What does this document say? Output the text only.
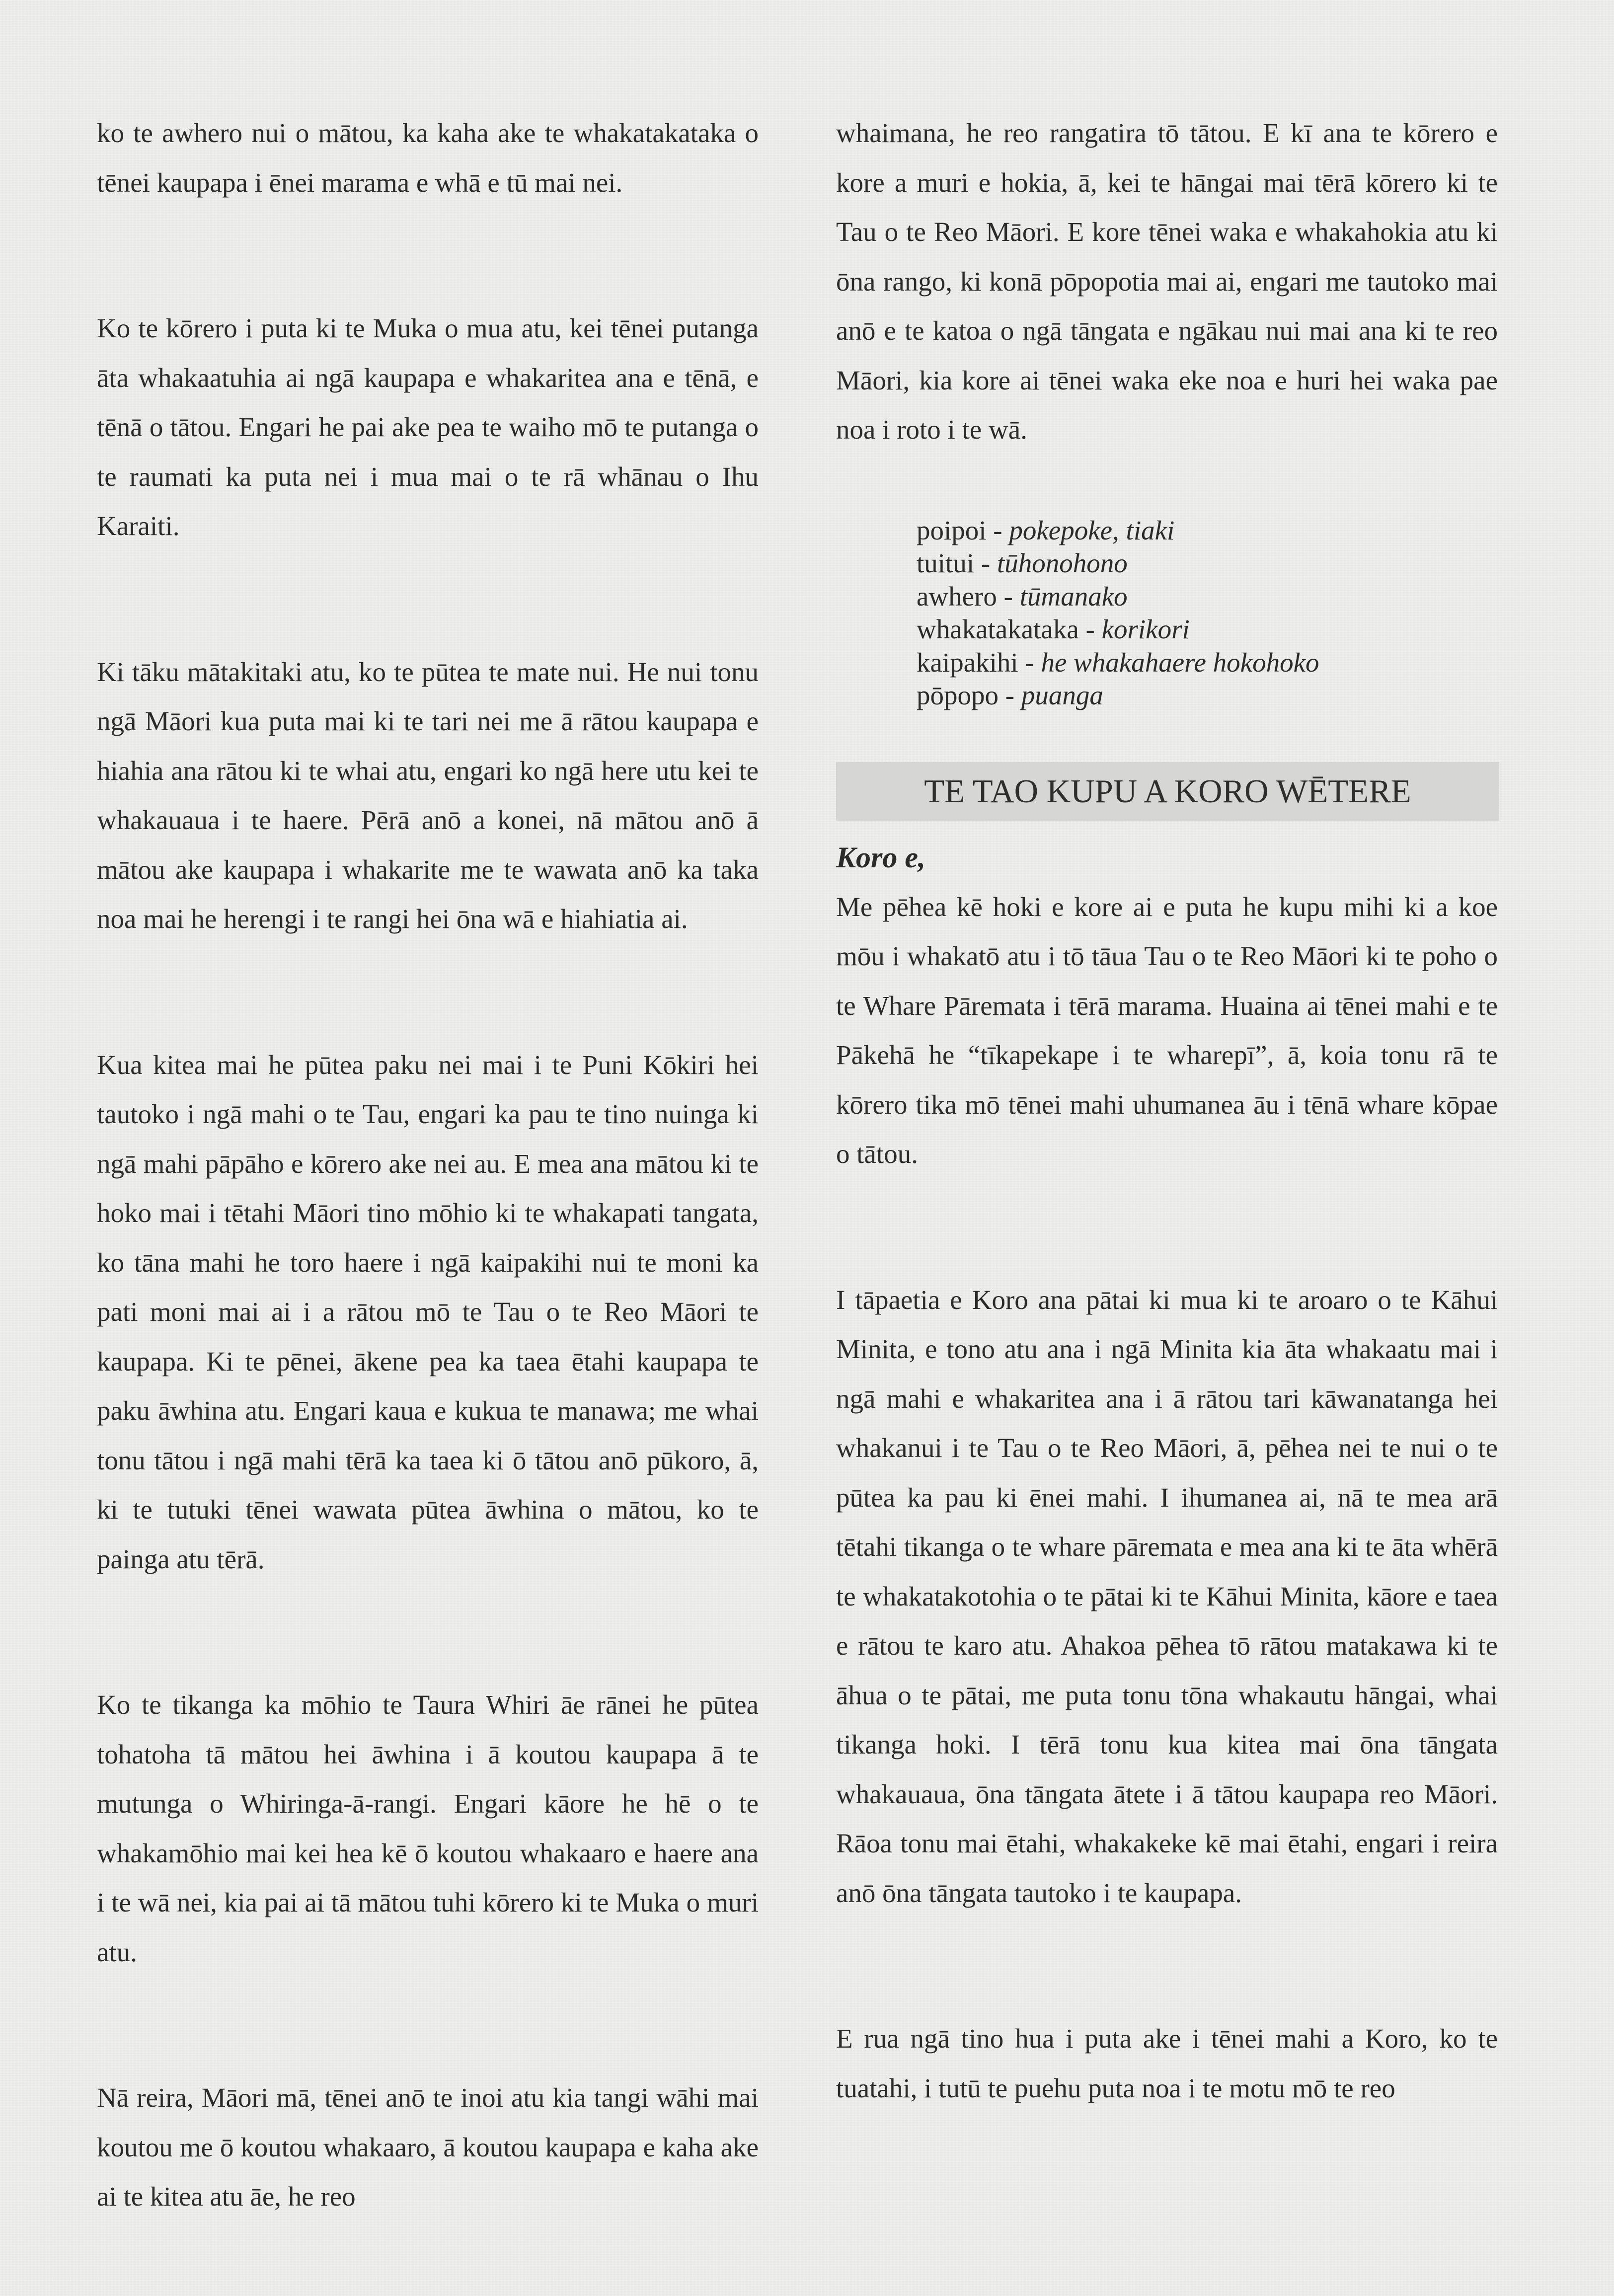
ko te awhero nui o mātou, ka kaha ake te whakatakataka o tēnei kaupapa i ēnei marama e whā e tū mai nei.

Ko te kōrero i puta ki te Muka o mua atu, kei tēnei putanga āta whakaatuhia ai ngā kaupapa e whakaritea ana e tēnā, e tēnā o tātou. Engari he pai ake pea te waiho mō te putanga o te raumati ka puta nei i mua mai o te rā whānau o Ihu Karaiti.

Ki tāku mātakitaki atu, ko te pūtea te mate nui. He nui tonu ngā Māori kua puta mai ki te tari nei me ā rātou kaupapa e hiahia ana rātou ki te whai atu, engari ko ngā here utu kei te whakauaua i te haere. Pērā anō a konei, nā mātou anō ā mātou ake kaupapa i whakarite me te wawata anō ka taka noa mai he herengi i te rangi hei ōna wā e hiahiatia ai.

Kua kitea mai he pūtea paku nei mai i te Puni Kōkiri hei tautoko i ngā mahi o te Tau, engari ka pau te tino nuinga ki ngā mahi pāpāho e kōrero ake nei au. E mea ana mātou ki te hoko mai i tētahi Māori tino mōhio ki te whakapati tangata, ko tāna mahi he toro haere i ngā kaipakihi nui te moni ka pati moni mai ai i a rātou mō te Tau o te Reo Māori te kaupapa. Ki te pēnei, ākene pea ka taea ētahi kaupapa te paku āwhina atu. Engari kaua e kukua te manawa; me whai tonu tātou i ngā mahi tērā ka taea ki ō tātou anō pūkoro, ā, ki te tutuki tēnei wawata pūtea āwhina o mātou, ko te painga atu tērā.

Ko te tikanga ka mōhio te Taura Whiri āe rānei he pūtea tohatoha tā mātou hei āwhina i ā koutou kaupapa ā te mutunga o Whiringa-ā-rangi. Engari kāore he hē o te whakamōhio mai kei hea kē ō koutou whakaaro e haere ana i te wā nei, kia pai ai tā mātou tuhi kōrero ki te Muka o muri atu.

Nā reira, Māori mā, tēnei anō te inoi atu kia tangi wāhi mai koutou me ō koutou whakaaro, ā koutou kaupapa e kaha ake ai te kitea atu āe, he reo

whaimana, he reo rangatira tō tātou. E kī ana te kōrero e kore a muri e hokia, ā, kei te hāngai mai tērā kōrero ki te Tau o te Reo Māori. E kore tēnei waka e whakahokia atu ki ōna rango, ki konā pōpopotia mai ai, engari me tautoko mai anō e te katoa o ngā tāngata e ngākau nui mai ana ki te reo Māori, kia kore ai tēnei waka eke noa e huri hei waka pae noa i roto i te wā.

poipoi - pokepoke, tiaki
tuitui - tūhonohono
awhero - tūmanako
whakatakataka - korikori
kaipakihi - he whakahaere hokohoko
pōpopo - puanga
TE TAO KUPU A KORO WĒTERE

Koro e,

Me pēhea kē hoki e kore ai e puta he kupu mihi ki a koe mōu i whakatō atu i tō tāua Tau o te Reo Māori ki te poho o te Whare Pāremata i tērā marama. Huaina ai tēnei mahi e te Pākehā he “tīkapekape i te wharepī”, ā, koia tonu rā te kōrero tika mō tēnei mahi uhumanea āu i tēnā whare kōpae o tātou.

I tāpaetia e Koro ana pātai ki mua ki te aroaro o te Kāhui Minita, e tono atu ana i ngā Minita kia āta whakaatu mai i ngā mahi e whakaritea ana i ā rātou tari kāwanatanga hei whakanui i te Tau o te Reo Māori, ā, pēhea nei te nui o te pūtea ka pau ki ēnei mahi. I ihumanea ai, nā te mea arā tētahi tikanga o te whare pāremata e mea ana ki te āta whērā te whakatakotohia o te pātai ki te Kāhui Minita, kāore e taea e rātou te karo atu. Ahakoa pēhea tō rātou matakawa ki te āhua o te pātai, me puta tonu tōna whakautu hāngai, whai tikanga hoki. I tērā tonu kua kitea mai ōna tāngata whakauaua, ōna tāngata ātete i ā tātou kaupapa reo Māori. Rāoa tonu mai ētahi, whakakeke kē mai ētahi, engari i reira anō ōna tāngata tautoko i te kaupapa.

E rua ngā tino hua i puta ake i tēnei mahi a Koro, ko te tuatahi, i tutū te puehu puta noa i te motu mō te reo
